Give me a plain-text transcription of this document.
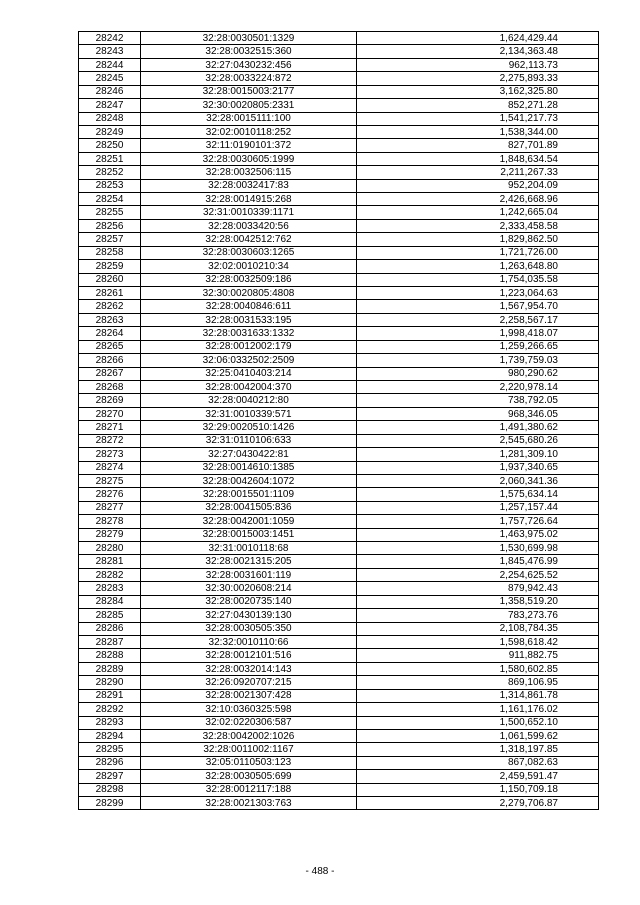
28242	32:28:0030501:1329	1,624,429.44
28243	32:28:0032515:360	2,134,363.48
28244	32:27:0430232:456	962,113.73
28245	32:28:0033224:872	2,275,893.33
28246	32:28:0015003:2177	3,162,325.80
28247	32:30:0020805:2331	852,271.28
28248	32:28:0015111:100	1,541,217.73
28249	32:02:0010118:252	1,538,344.00
28250	32:11:0190101:372	827,701.89
28251	32:28:0030605:1999	1,848,634.54
28252	32:28:0032506:115	2,211,267.33
28253	32:28:0032417:83	952,204.09
28254	32:28:0014915:268	2,426,668.96
28255	32:31:0010339:1171	1,242,665.04
28256	32:28:0033420:56	2,333,458.58
28257	32:28:0042512:762	1,829,862.50
28258	32:28:0030603:1265	1,721,726.00
28259	32:02:0010210:34	1,263,648.80
28260	32:28:0032509:186	1,754,035.58
28261	32:30:0020805:4808	1,223,064.63
28262	32:28:0040846:611	1,567,954.70
28263	32:28:0031533:195	2,258,567.17
28264	32:28:0031633:1332	1,998,418.07
28265	32:28:0012002:179	1,259,266.65
28266	32:06:0332502:2509	1,739,759.03
28267	32:25:0410403:214	980,290.62
28268	32:28:0042004:370	2,220,978.14
28269	32:28:0040212:80	738,792.05
28270	32:31:0010339:571	968,346.05
28271	32:29:0020510:1426	1,491,380.62
28272	32:31:0110106:633	2,545,680.26
28273	32:27:0430422:81	1,281,309.10
28274	32:28:0014610:1385	1,937,340.65
28275	32:28:0042604:1072	2,060,341.36
28276	32:28:0015501:1109	1,575,634.14
28277	32:28:0041505:836	1,257,157.44
28278	32:28:0042001:1059	1,757,726.64
28279	32:28:0015003:1451	1,463,975.02
28280	32:31:0010118:68	1,530,699.98
28281	32:28:0021315:205	1,845,476.99
28282	32:28:0031601:119	2,254,625.52
28283	32:30:0020608:214	879,942.43
28284	32:28:0020735:140	1,358,519.20
28285	32:27:0430139:130	783,273.76
28286	32:28:0030505:350	2,108,784.35
28287	32:32:0010110:66	1,598,618.42
28288	32:28:0012101:516	911,882.75
28289	32:28:0032014:143	1,580,602.85
28290	32:26:0920707:215	869,106.95
28291	32:28:0021307:428	1,314,861.78
28292	32:10:0360325:598	1,161,176.02
28293	32:02:0220306:587	1,500,652.10
28294	32:28:0042002:1026	1,061,599.62
28295	32:28:0011002:1167	1,318,197.85
28296	32:05:0110503:123	867,082.63
28297	32:28:0030505:699	2,459,591.47
28298	32:28:0012117:188	1,150,709.18
28299	32:28:0021303:763	2,279,706.87
- 488 -
